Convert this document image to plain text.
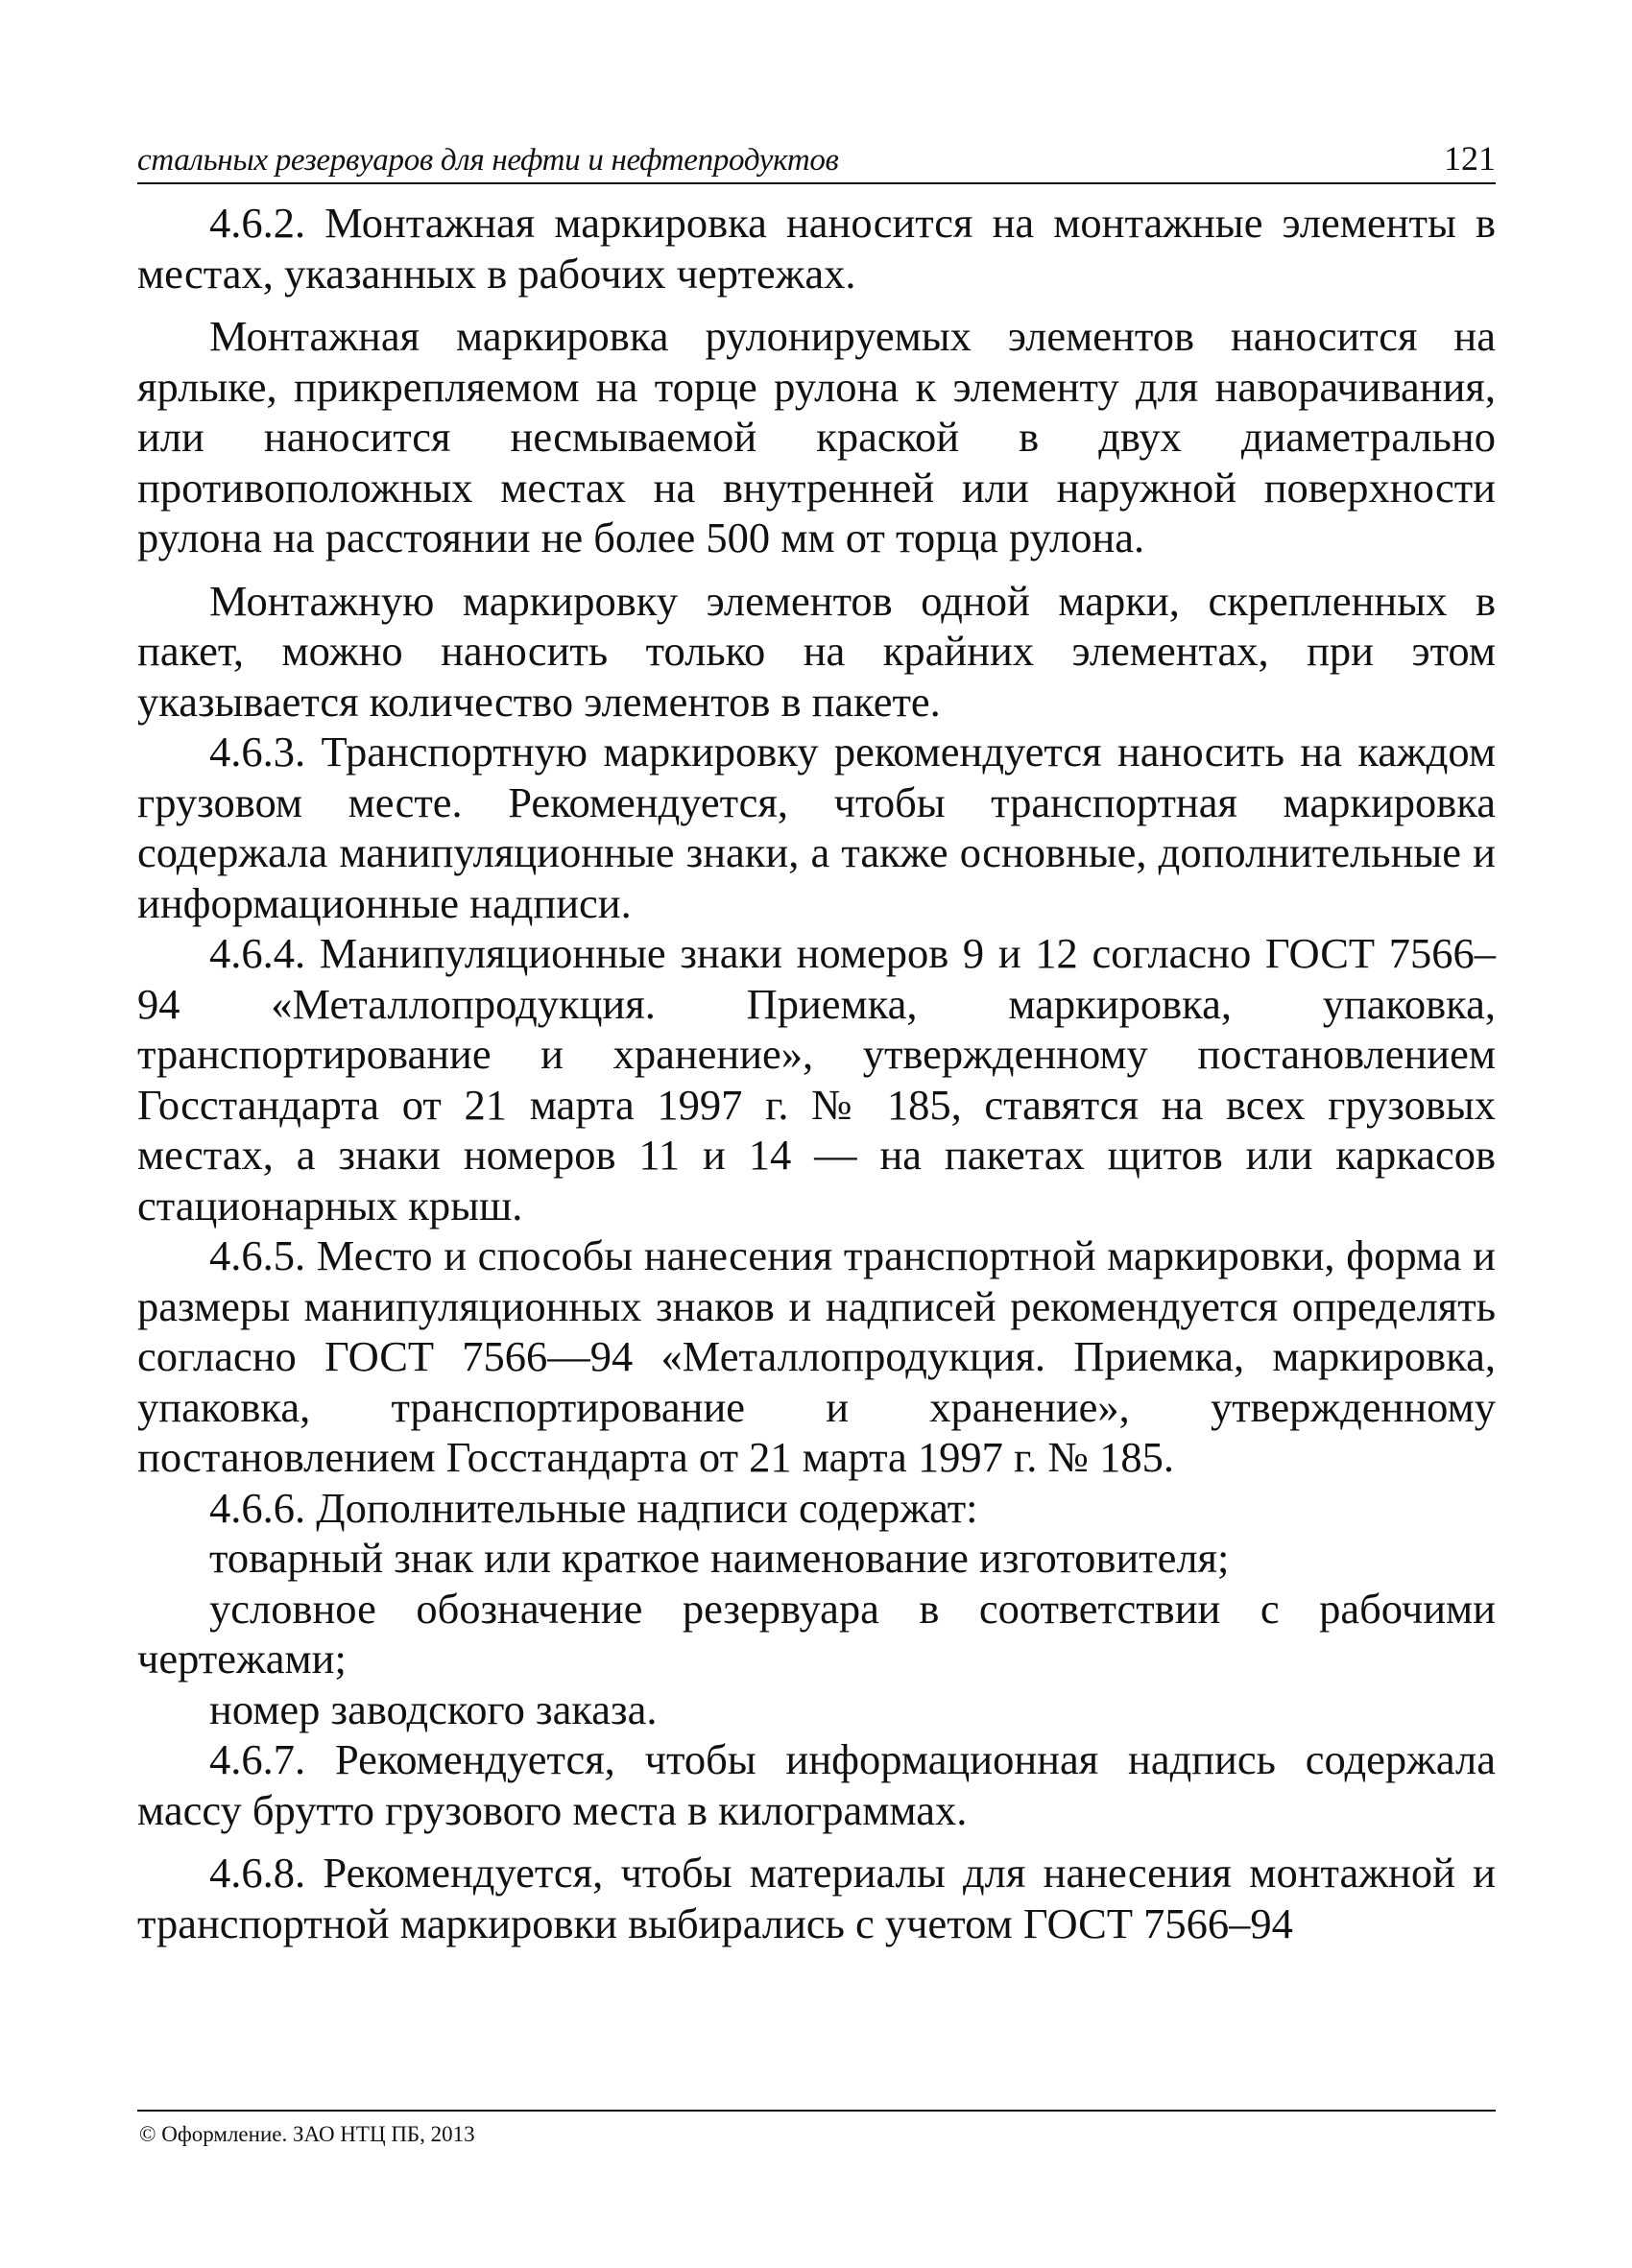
стальных резервуаров для нефти и нефтепродуктов	121

4.6.2. Монтажная маркировка наносится на монтажные элементы в местах, указанных в рабочих чертежах.

Монтажная маркировка рулонируемых элементов наносится на ярлыке, прикрепляемом на торце рулона к элементу для наворачивания, или наносится несмываемой краской в двух диаметрально противоположных местах на внутренней или наружной поверхности рулона на расстоянии не более 500 мм от торца рулона.

Монтажную маркировку элементов одной марки, скрепленных в пакет, можно наносить только на крайних элементах, при этом указывается количество элементов в пакете.

4.6.3. Транспортную маркировку рекомендуется наносить на каждом грузовом месте. Рекомендуется, чтобы транспортная маркировка содержала манипуляционные знаки, а также основные, дополнительные и информационные надписи.

4.6.4. Манипуляционные знаки номеров 9 и 12 согласно ГОСТ 7566–94 «Металлопродукция. Приемка, маркировка, упаковка, транспортирование и хранение», утвержденному постановлением Госстандарта от 21 марта 1997 г. № 185, ставятся на всех грузовых местах, а знаки номеров 11 и 14 — на пакетах щитов или каркасов стационарных крыш.

4.6.5. Место и способы нанесения транспортной маркировки, форма и размеры манипуляционных знаков и надписей рекомендуется определять согласно ГОСТ 7566—94 «Металлопродукция. Приемка, маркировка, упаковка, транспортирование и хранение», утвержденному постановлением Госстандарта от 21 марта 1997 г. № 185.

4.6.6. Дополнительные надписи содержат:

товарный знак или краткое наименование изготовителя;

условное обозначение резервуара в соответствии с рабочими чертежами;

номер заводского заказа.

4.6.7. Рекомендуется, чтобы информационная надпись содержала массу брутто грузового места в килограммах.

4.6.8. Рекомендуется, чтобы материалы для нанесения монтажной и транспортной маркировки выбирались с учетом ГОСТ 7566–94

© Оформление. ЗАО НТЦ ПБ, 2013
